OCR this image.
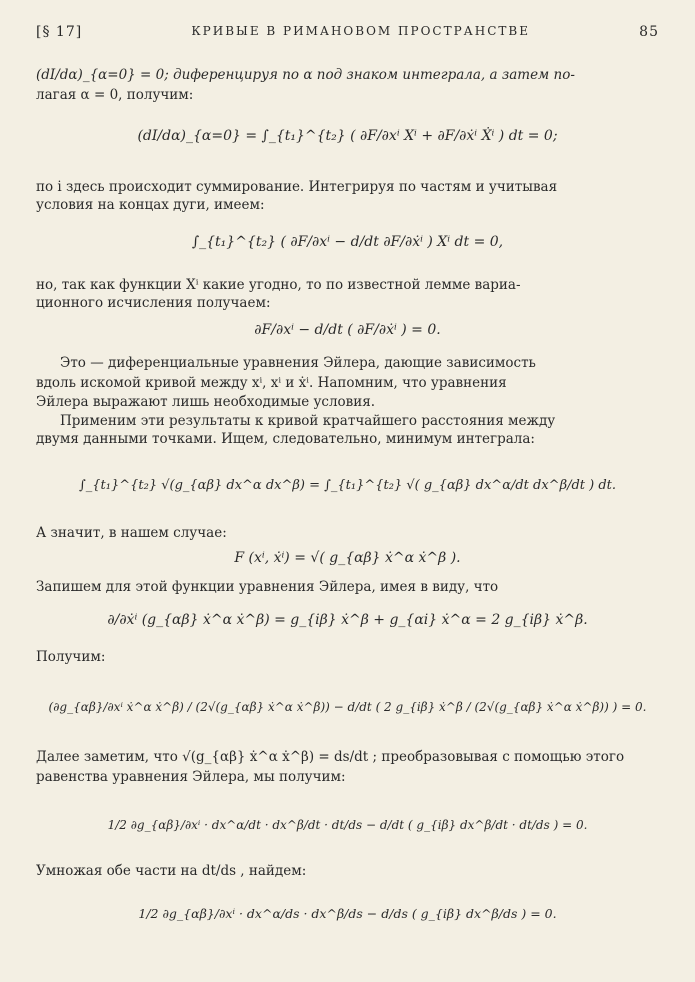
[§ 17]	КРИВЫЕ В РИМАНОВОМ ПРОСТРАНСТВЕ	85
(dI/dα)_{α=0} = 0; диференцируя по α под знаком интеграла, а затем по-
лагая α = 0, получим:
(dI/dα)_{α=0} = ∫_{t₁}^{t₂} ( ∂F/∂xⁱ Xⁱ + ∂F/∂ẋⁱ Ẋⁱ ) dt = 0;
по i здесь происходит суммирование. Интегрируя по частям и учитывая
условия на концах дуги, имеем:
∫_{t₁}^{t₂} ( ∂F/∂xⁱ − d/dt ∂F/∂ẋⁱ ) Xⁱ dt = 0,
но, так как функции Xⁱ какие угодно, то по известной лемме вариа-
ционного исчисления получаем:
∂F/∂xⁱ − d/dt ( ∂F/∂ẋⁱ ) = 0.
Это — диференциальные уравнения Эйлера, дающие зависимость
вдоль искомой кривой между xⁱ, xⁱ и ẋⁱ. Напомним, что уравнения
Эйлера выражают лишь необходимые условия.
Применим эти результаты к кривой кратчайшего расстояния между
двумя данными точками. Ищем, следовательно, минимум интеграла:
∫_{t₁}^{t₂} √(g_{αβ} dx^α dx^β) = ∫_{t₁}^{t₂} √( g_{αβ} dx^α/dt dx^β/dt ) dt.
А значит, в нашем случае:
F (xⁱ, ẋⁱ) = √( g_{αβ} ẋ^α ẋ^β ).
Запишем для этой функции уравнения Эйлера, имея в виду, что
∂/∂ẋⁱ (g_{αβ} ẋ^α ẋ^β) = g_{iβ} ẋ^β + g_{αi} ẋ^α = 2 g_{iβ} ẋ^β.
Получим:
(∂g_{αβ}/∂xⁱ ẋ^α ẋ^β) / (2√(g_{αβ} ẋ^α ẋ^β)) − d/dt ( 2 g_{iβ} ẋ^β / (2√(g_{αβ} ẋ^α ẋ^β)) ) = 0.
Далее заметим, что √(g_{αβ} ẋ^α ẋ^β) = ds/dt ; преобразовывая с помощью этого
равенства уравнения Эйлера, мы получим:
1/2 ∂g_{αβ}/∂xⁱ · dx^α/dt · dx^β/dt · dt/ds − d/dt ( g_{iβ} dx^β/dt · dt/ds ) = 0.
Умножая обе части на dt/ds , найдем:
1/2 ∂g_{αβ}/∂xⁱ · dx^α/ds · dx^β/ds − d/ds ( g_{iβ} dx^β/ds ) = 0.
